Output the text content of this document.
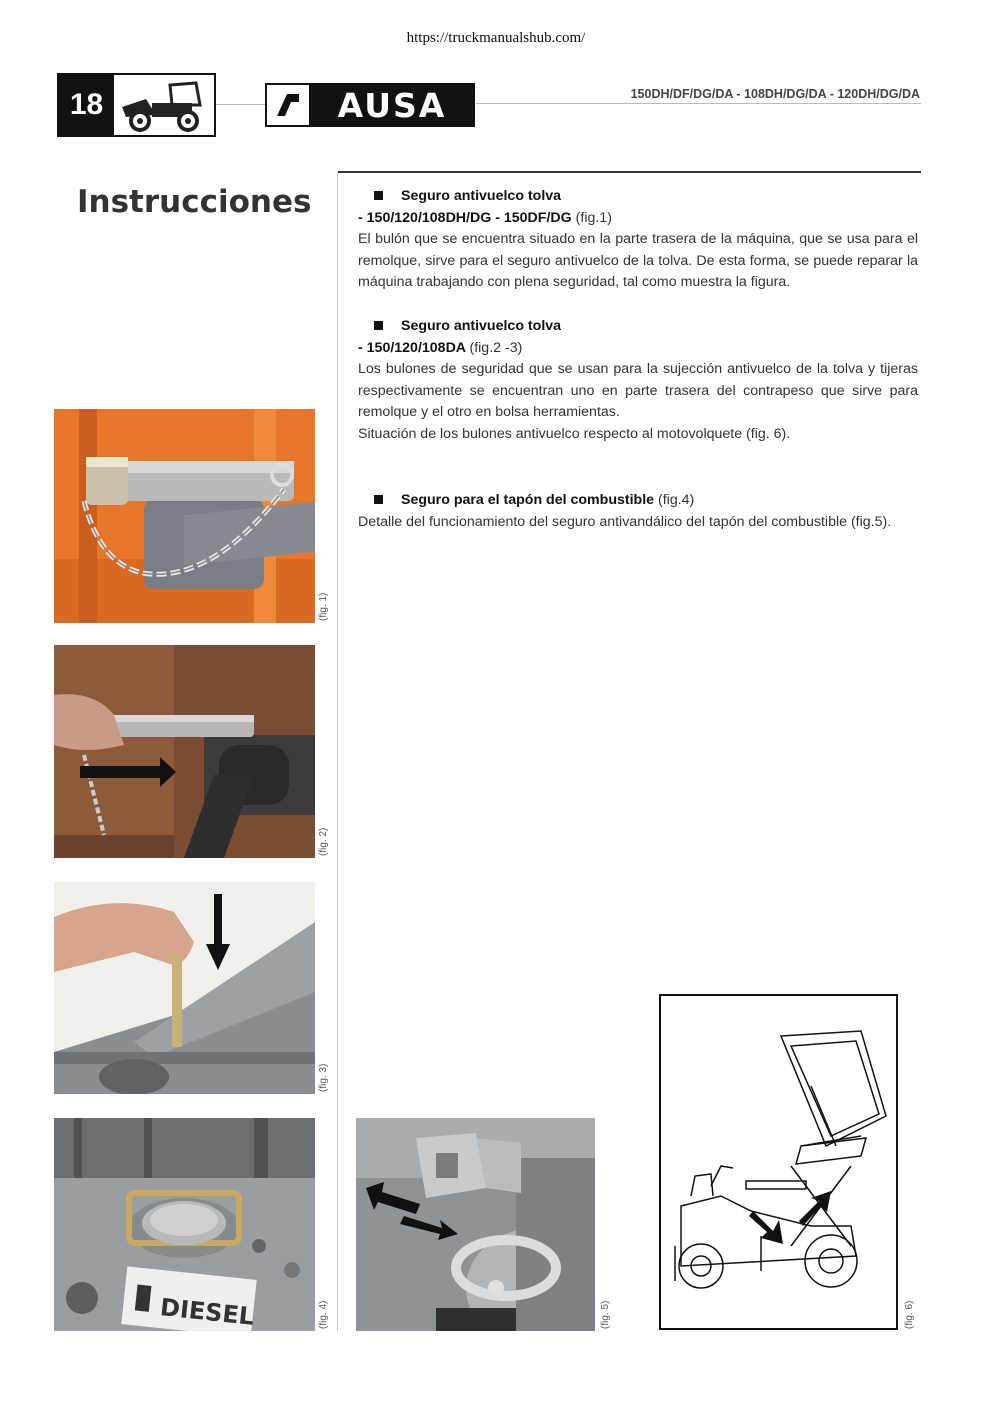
https://truckmanualshub.com/
18	AUSA	150DH/DF/DG/DA - 108DH/DG/DA - 120DH/DG/DA
Instrucciones	Seguro antivuelco tolva
- 150/120/108DH/DG - 150DF/DG (fig.1)
El bulón que se encuentra situado en la parte trasera de la máquina, que se usa para el remolque, sirve para el seguro antivuelco de la tolva. De esta forma, se puede reparar la máquina trabajando con plena seguridad, tal como muestra la figura.
Seguro antivuelco tolva
- 150/120/108DA (fig.2 -3)
Los bulones de seguridad que se usan para la sujección antivuelco de la tolva y tijeras respectivamente se encuentran uno en parte trasera del contrapeso que sirve para remolque y el otro en bolsa herramientas.
Situación de los bulones antivuelco respecto al motovolquete (fig. 6).
Seguro para el tapón del combustible (fig.4)
Detalle del funcionamiento del seguro antivandálico del tapón del combustible (fig.5).
(fig. 1)
(fig. 2)
(fig. 3)
DIESEL	(fig. 4)	(fig. 5)	(fig. 6)
